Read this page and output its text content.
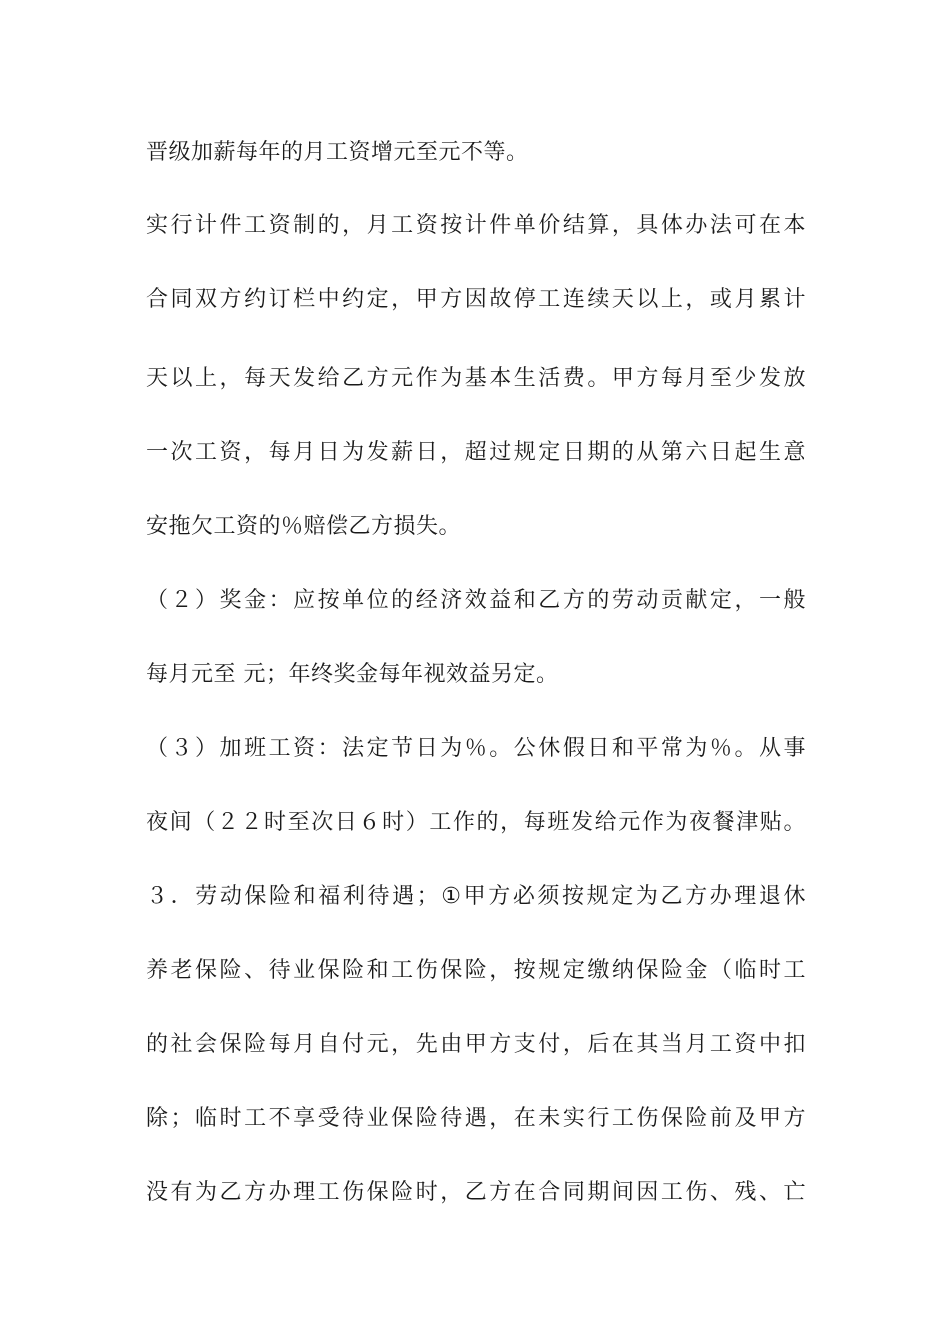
晋级加薪每年的月工资增元至元不等。
实行计件工资制的，月工资按计件单价结算，具体办法可在本
合同双方约订栏中约定，甲方因故停工连续天以上，或月累计
天以上，每天发给乙方元作为基本生活费。甲方每月至少发放
一次工资，每月日为发薪日，超过规定日期的从第六日起生意
安拖欠工资的％赔偿乙方损失。
（２）奖金：应按单位的经济效益和乙方的劳动贡献定，一般
每月元至 元；年终奖金每年视效益另定。
（３）加班工资：法定节日为％。公休假日和平常为％。从事
夜间（２２时至次日６时）工作的，每班发给元作为夜餐津贴。
３．劳动保险和福利待遇；①甲方必须按规定为乙方办理退休
养老保险、待业保险和工伤保险，按规定缴纳保险金（临时工
的社会保险每月自付元，先由甲方支付，后在其当月工资中扣
除；临时工不享受待业保险待遇，在未实行工伤保险前及甲方
没有为乙方办理工伤保险时，乙方在合同期间因工伤、残、亡
